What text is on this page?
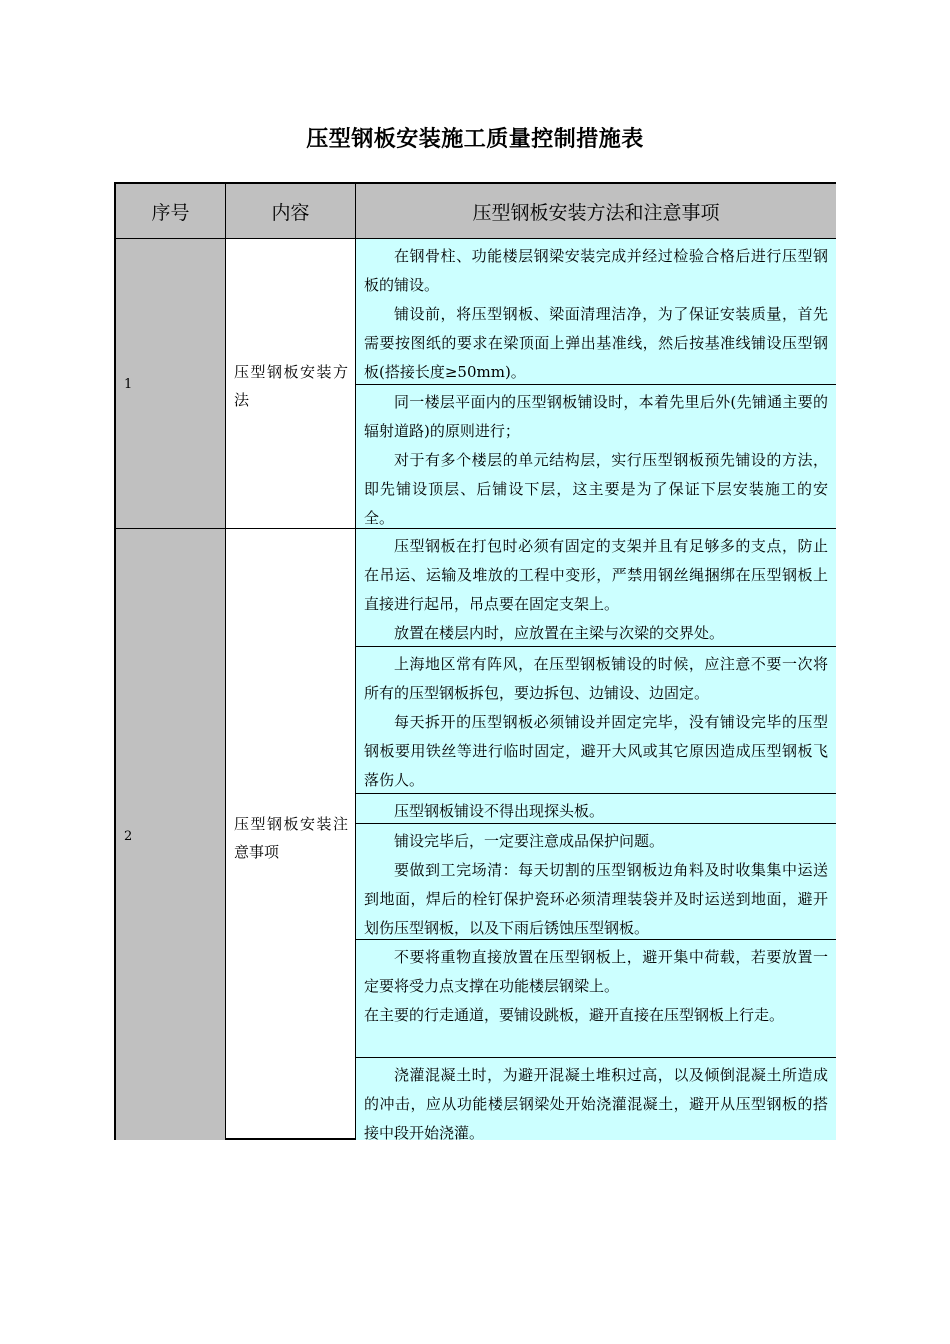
压型钢板安装施工质量控制措施表
序号	内容	压型钢板安装方法和注意事项
1
压型钢板安装方法

在钢骨柱、功能楼层钢梁安装完成并经过检验合格后进行压型钢板的铺设。

铺设前，将压型钢板、梁面清理洁净，为了保证安装质量，首先需要按图纸的要求在梁顶面上弹出基准线，然后按基准线铺设压型钢板(搭接长度≥50mm)。

同一楼层平面内的压型钢板铺设时，本着先里后外(先铺通主要的辐射道路)的原则进行；

对于有多个楼层的单元结构层，实行压型钢板预先铺设的方法，即先铺设顶层、后铺设下层，这主要是为了保证下层安装施工的安全。

2
压型钢板安装注意事项

压型钢板在打包时必须有固定的支架并且有足够多的支点，防止在吊运、运输及堆放的工程中变形，严禁用钢丝绳捆绑在压型钢板上直接进行起吊，吊点要在固定支架上。

放置在楼层内时，应放置在主梁与次梁的交界处。

上海地区常有阵风，在压型钢板铺设的时候，应注意不要一次将所有的压型钢板拆包，要边拆包、边铺设、边固定。

每天拆开的压型钢板必须铺设并固定完毕，没有铺设完毕的压型钢板要用铁丝等进行临时固定，避开大风或其它原因造成压型钢板飞落伤人。

压型钢板铺设不得出现探头板。

铺设完毕后，一定要注意成品保护问题。

要做到工完场清：每天切割的压型钢板边角料及时收集集中运送到地面，焊后的栓钉保护瓷环必须清理装袋并及时运送到地面，避开划伤压型钢板，以及下雨后锈蚀压型钢板。

不要将重物直接放置在压型钢板上，避开集中荷载，若要放置一定要将受力点支撑在功能楼层钢梁上。

在主要的行走通道，要铺设跳板，避开直接在压型钢板上行走。

浇灌混凝土时，为避开混凝土堆积过高，以及倾倒混凝土所造成的冲击，应从功能楼层钢梁处开始浇灌混凝土，避开从压型钢板的搭接中段开始浇灌。
